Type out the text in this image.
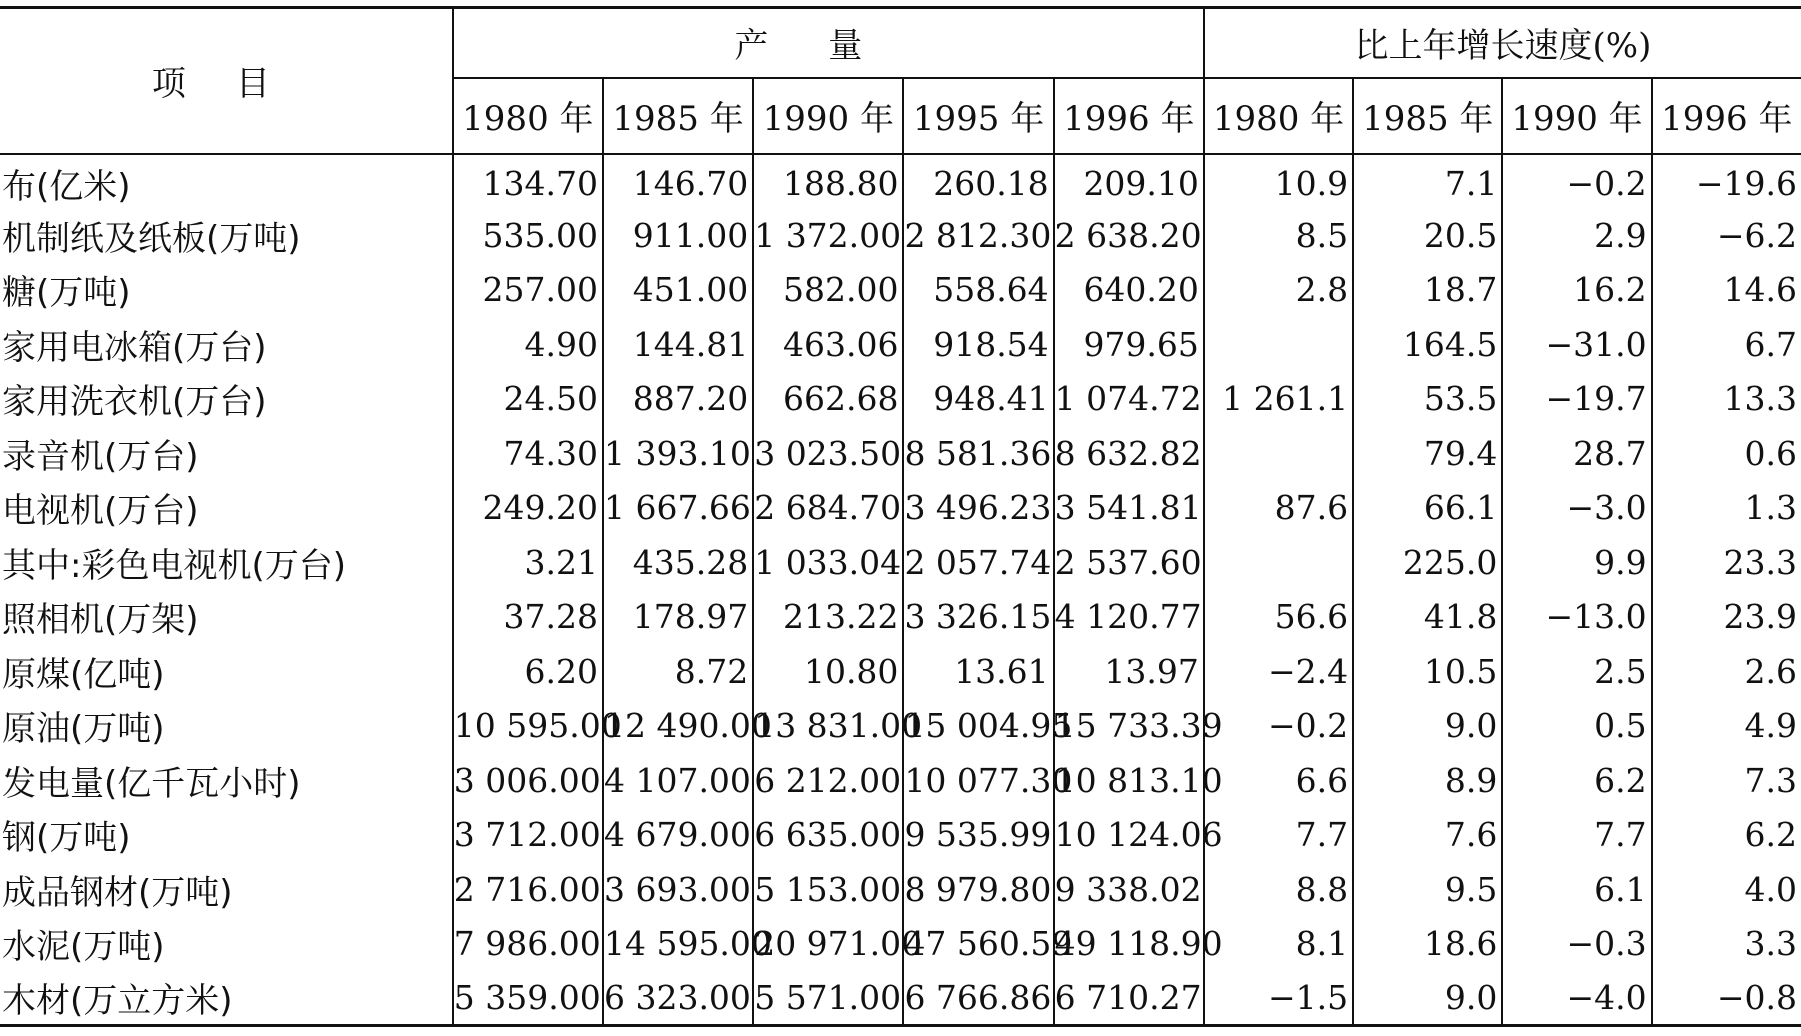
项目	产量					比上年增长速度(%)			
	1980 年	1985 年	1990 年	1995 年	1996 年	1980 年	1985 年	1990 年	1996 年
布(亿米)	134.70	146.70	188.80	260.18	209.10	10.9	7.1	−0.2	−19.6
机制纸及纸板(万吨)	535.00	911.00	1 372.00	2 812.30	2 638.20	8.5	20.5	2.9	−6.2
糖(万吨)	257.00	451.00	582.00	558.64	640.20	2.8	18.7	16.2	14.6
家用电冰箱(万台)	4.90	144.81	463.06	918.54	979.65		164.5	−31.0	6.7
家用洗衣机(万台)	24.50	887.20	662.68	948.41	1 074.72	1 261.1	53.5	−19.7	13.3
录音机(万台)	74.30	1 393.10	3 023.50	8 581.36	8 632.82		79.4	28.7	0.6
电视机(万台)	249.20	1 667.66	2 684.70	3 496.23	3 541.81	87.6	66.1	−3.0	1.3
其中:彩色电视机(万台)	3.21	435.28	1 033.04	2 057.74	2 537.60		225.0	9.9	23.3
照相机(万架)	37.28	178.97	213.22	3 326.15	4 120.77	56.6	41.8	−13.0	23.9
原煤(亿吨)	6.20	8.72	10.80	13.61	13.97	−2.4	10.5	2.5	2.6
原油(万吨)	10 595.00	12 490.00	13 831.00	15 004.95	15 733.39	−0.2	9.0	0.5	4.9
发电量(亿千瓦小时)	3 006.00	4 107.00	6 212.00	10 077.30	10 813.10	6.6	8.9	6.2	7.3
钢(万吨)	3 712.00	4 679.00	6 635.00	9 535.99	10 124.06	7.7	7.6	7.7	6.2
成品钢材(万吨)	2 716.00	3 693.00	5 153.00	8 979.80	9 338.02	8.8	9.5	6.1	4.0
水泥(万吨)	7 986.00	14 595.00	20 971.00	47 560.59	49 118.90	8.1	18.6	−0.3	3.3
木材(万立方米)	5 359.00	6 323.00	5 571.00	6 766.86	6 710.27	−1.5	9.0	−4.0	−0.8
